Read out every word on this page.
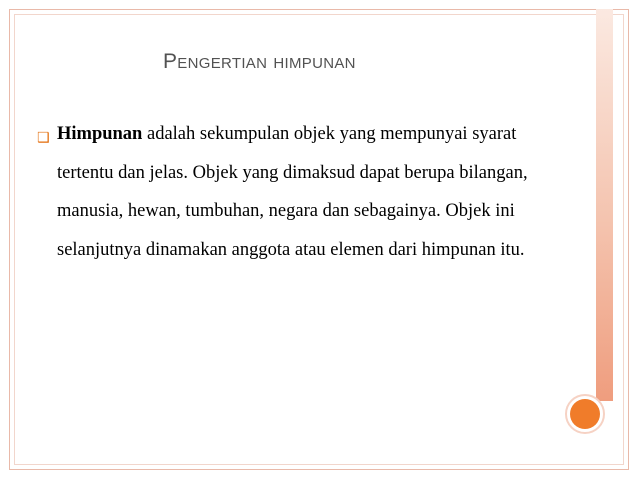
Pengertian himpunan
❑ Himpunan adalah sekumpulan objek yang mempunyai syarat tertentu dan jelas. Objek yang dimaksud dapat berupa bilangan, manusia, hewan, tumbuhan, negara dan sebagainya. Objek ini selanjutnya dinamakan anggota atau elemen dari himpunan itu.
